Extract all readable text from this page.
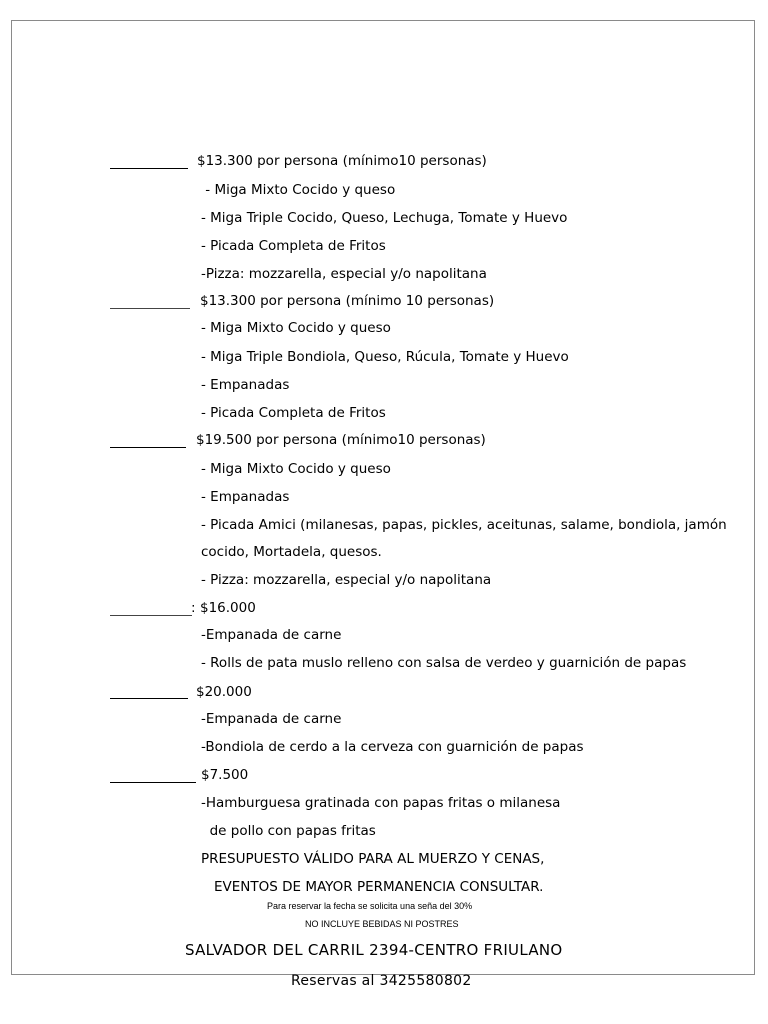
$13.300 por persona (mínimo10 personas)
- Miga Mixto Cocido y queso
- Miga Triple Cocido, Queso, Lechuga, Tomate y Huevo
- Picada Completa de Fritos
-Pizza: mozzarella, especial y/o napolitana
$13.300 por persona (mínimo 10 personas)
- Miga Mixto Cocido y queso
- Miga Triple Bondiola, Queso, Rúcula, Tomate y Huevo
- Empanadas
- Picada Completa de Fritos
$19.500 por persona (mínimo10 personas)
- Miga Mixto Cocido y queso
- Empanadas
- Picada Amici (milanesas, papas, pickles, aceitunas, salame, bondiola, jamón
cocido, Mortadela, quesos.
- Pizza: mozzarella, especial y/o napolitana
: $16.000
-Empanada de carne
- Rolls de pata muslo relleno con salsa de verdeo y guarnición de papas
$20.000
-Empanada de carne
-Bondiola de cerdo a la cerveza con guarnición de papas
$7.500
-Hamburguesa gratinada con papas fritas o milanesa
de pollo con papas fritas
PRESUPUESTO VÁLIDO PARA AL MUERZO Y CENAS,
EVENTOS DE MAYOR PERMANENCIA CONSULTAR.
Para reservar la fecha se solicita una seña del 30%
NO INCLUYE BEBIDAS NI POSTRES
SALVADOR DEL CARRIL 2394-CENTRO FRIULANO
Reservas al 3425580802
